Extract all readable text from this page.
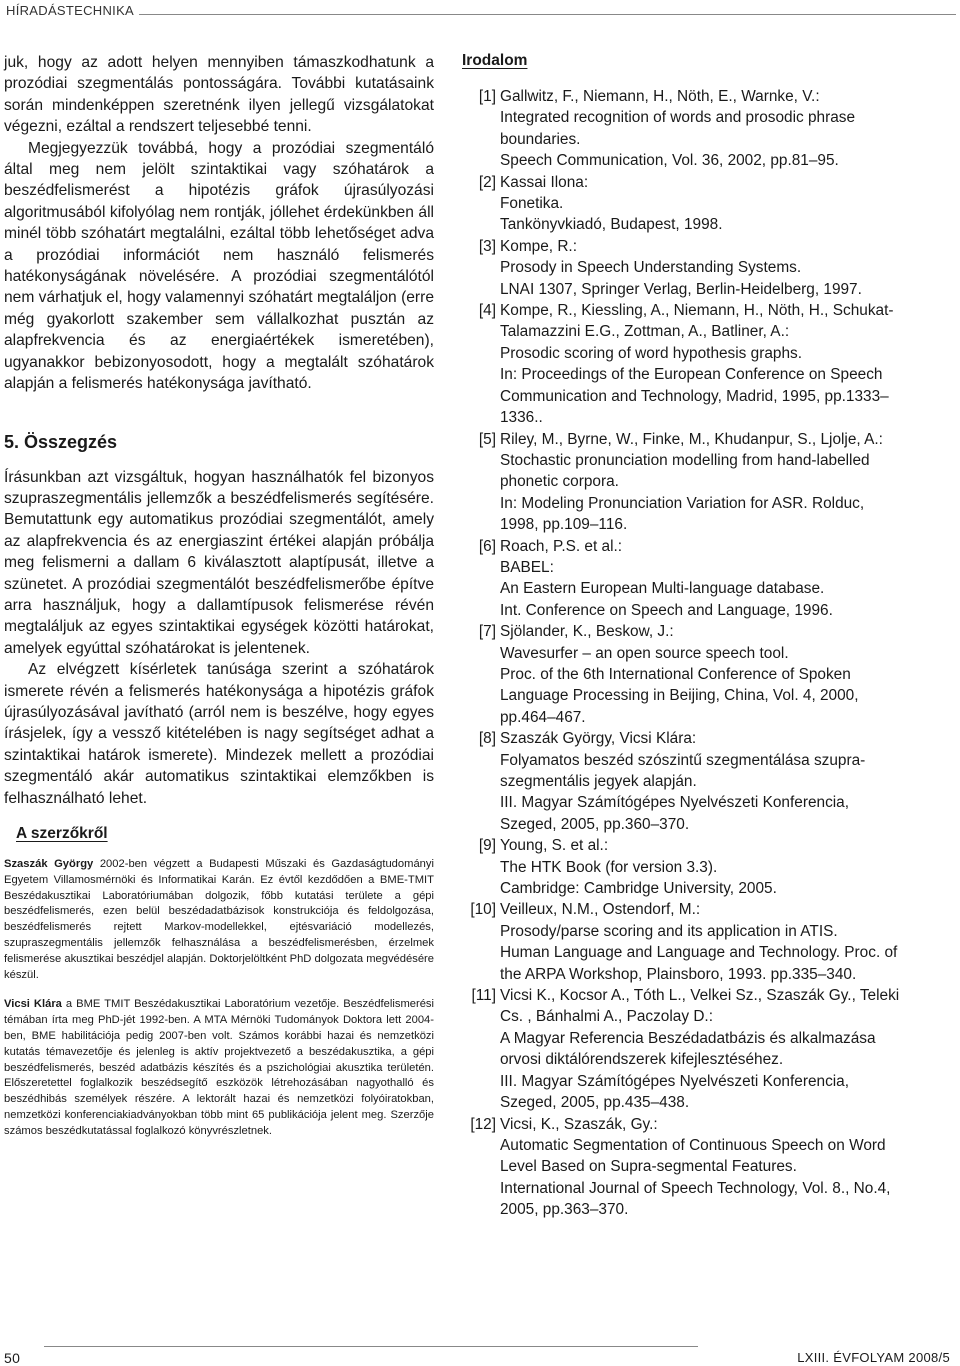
HÍRADÁSTECHNIKA

juk, hogy az adott helyen mennyiben támaszkodhatunk a prozódiai szegmentálás pontosságára. További kutatásaink során mindenképpen szeretnénk ilyen jellegű vizsgálatokat végezni, ezáltal a rendszert teljesebbé tenni.

Megjegyezzük továbbá, hogy a prozódiai szegmentáló által meg nem jelölt szintaktikai vagy szóhatárok a beszédfelismerést a hipotézis gráfok újrasúlyozási algoritmusából kifolyólag nem rontják, jóllehet érdekünkben áll minél több szóhatárt megtalálni, ezáltal több lehetőséget adva a prozódiai információt nem használó felismerés hatékonyságának növelésére. A prozódiai szegmentálótól nem várhatjuk el, hogy valamennyi szóhatárt megtaláljon (erre még gyakorlott szakember sem vállalkozhat pusztán az alapfrekvencia és az energiaértékek ismeretében), ugyanakkor bebizonyosodott, hogy a megtalált szóhatárok alapján a felismerés hatékonysága javítható.

5. Összegzés

Írásunkban azt vizsgáltuk, hogyan használhatók fel bizonyos szupraszegmentális jellemzők a beszédfelismerés segítésére. Bemutattunk egy automatikus prozódiai szegmentálót, amely az alapfrekvencia és az energiaszint értékei alapján próbálja meg felismerni a dallam 6 kiválasztott alaptípusát, illetve a szünetet. A prozódiai szegmentálót beszédfelismerőbe építve arra használjuk, hogy a dallamtípusok felismerése révén megtaláljuk az egyes szintaktikai egységek közötti határokat, amelyek egyúttal szóhatárokat is jelentenek.

Az elvégzett kísérletek tanúsága szerint a szóhatárok ismerete révén a felismerés hatékonysága a hipotézis gráfok újrasúlyozásával javítható (arról nem is beszélve, hogy egyes írásjelek, így a vessző kitételében is nagy segítséget adhat a szintaktikai határok ismerete). Mindezek mellett a prozódiai szegmentáló akár automatikus szintaktikai elemzőkben is felhasználható lehet.

A szerzőkről

Szaszák György 2002-ben végzett a Budapesti Műszaki és Gazdaságtudományi Egyetem Villamosmérnöki és Informatikai Karán. Ez évtől kezdődően a BME-TMIT Beszédakusztikai Laboratóriumában dolgozik, főbb kutatási területe a gépi beszédfelismerés, ezen belül beszédadatbázisok konstrukciója és feldolgozása, beszédfelismerés rejtett Markov-modellekkel, ejtésvariáció modellezés, szupraszegmentális jellemzők felhasználása a beszédfelismerésben, érzelmek felismerése akusztikai beszédjel alapján. Doktorjelöltként PhD dolgozata megvédésére készül.

Vicsi Klára a BME TMIT Beszédakusztikai Laboratórium vezetője. Beszédfelismerési témában írta meg PhD-jét 1992-ben. A MTA Mérnöki Tudományok Doktora lett 2004-ben, BME habilitációja pedig 2007-ben volt. Számos korábbi hazai és nemzetközi kutatás témavezetője és jelenleg is aktív projektvezető a beszédakusztika, a gépi beszédfelismerés, beszéd adatbázis készítés és a pszichológiai akusztika területén. Előszeretettel foglalkozik beszédsegítő eszközök létrehozásában nagyothalló és beszédhibás személyek részére. A lektorált hazai és nemzetközi folyóiratokban, nemzetközi konferenciakiadványokban több mint 65 publikációja jelent meg. Szerzője számos beszédkutatással foglalkozó könyvrészletnek.

Irodalom
[1] Gallwitz, F., Niemann, H., Nöth, E., Warnke, V.:
Integrated recognition of words and prosodic phrase boundaries.
Speech Communication, Vol. 36, 2002, pp.81–95.
[2] Kassai Ilona:
Fonetika.
Tankönyvkiadó, Budapest, 1998.
[3] Kompe, R.:
Prosody in Speech Understanding Systems.
LNAI 1307, Springer Verlag, Berlin-Heidelberg, 1997.
[4] Kompe, R., Kiessling, A., Niemann, H., Nöth, H., Schukat-Talamazzini E.G., Zottman, A., Batliner, A.:
Prosodic scoring of word hypothesis graphs.
In: Proceedings of the European Conference on Speech Communication and Technology, Madrid, 1995, pp.1333–1336..
[5] Riley, M., Byrne, W., Finke, M., Khudanpur, S., Ljolje, A.:
Stochastic pronunciation modelling from hand-labelled phonetic corpora.
In: Modeling Pronunciation Variation for ASR. Rolduc, 1998, pp.109–116.
[6] Roach, P.S. et al.:
BABEL:
An Eastern European Multi-language database.
Int. Conference on Speech and Language, 1996.
[7] Sjölander, K., Beskow, J.:
Wavesurfer – an open source speech tool.
Proc. of the 6th International Conference of Spoken Language Processing in Beijing, China, Vol. 4, 2000, pp.464–467.
[8] Szaszák György, Vicsi Klára:
Folyamatos beszéd szószintű szegmentálása szupra-szegmentális jegyek alapján.
III. Magyar Számítógépes Nyelvészeti Konferencia, Szeged, 2005, pp.360–370.
[9] Young, S. et al.:
The HTK Book (for version 3.3).
Cambridge: Cambridge University, 2005.
[10] Veilleux, N.M., Ostendorf, M.:
Prosody/parse scoring and its application in ATIS.
Human Language and Language and Technology. Proc. of the ARPA Workshop, Plainsboro, 1993. pp.335–340.
[11] Vicsi K., Kocsor A., Tóth L., Velkei Sz., Szaszák Gy., Teleki Cs. , Bánhalmi A., Paczolay D.:
A Magyar Referencia Beszédadatbázis és alkalmazása orvosi diktálórendszerek kifejlesztéséhez.
III. Magyar Számítógépes Nyelvészeti Konferencia, Szeged, 2005, pp.435–438.
[12] Vicsi, K., Szaszák, Gy.:
Automatic Segmentation of Continuous Speech on Word Level Based on Supra-segmental Features.
International Journal of Speech Technology, Vol. 8., No.4, 2005, pp.363–370.
50	LXIII. ÉVFOLYAM 2008/5
